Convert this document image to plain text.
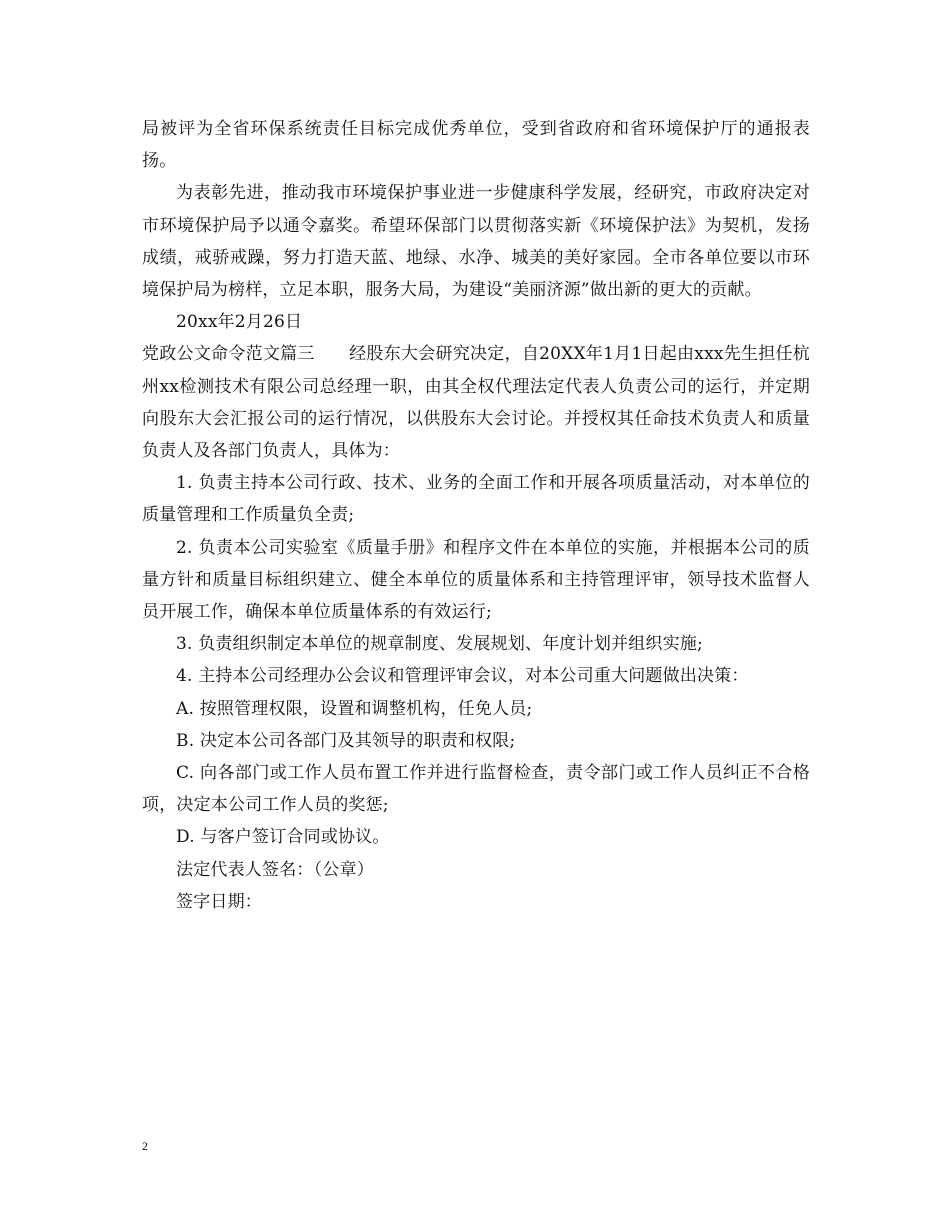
局被评为全省环保系统责任目标完成优秀单位，受到省政府和省环境保护厅的通报表扬。

为表彰先进，推动我市环境保护事业进一步健康科学发展，经研究，市政府决定对市环境保护局予以通令嘉奖。希望环保部门以贯彻落实新《环境保护法》为契机，发扬成绩，戒骄戒躁，努力打造天蓝、地绿、水净、城美的美好家园。全市各单位要以市环境保护局为榜样，立足本职，服务大局，为建设“美丽济源”做出新的更大的贡献。

20xx年2月26日

党政公文命令范文篇三　　经股东大会研究决定，自20XX年1月1日起由xxx先生担任杭州xx检测技术有限公司总经理一职，由其全权代理法定代表人负责公司的运行，并定期向股东大会汇报公司的运行情况，以供股东大会讨论。并授权其任命技术负责人和质量负责人及各部门负责人，具体为：

1. 负责主持本公司行政、技术、业务的全面工作和开展各项质量活动，对本单位的质量管理和工作质量负全责;

2. 负责本公司实验室《质量手册》和程序文件在本单位的实施，并根据本公司的质量方针和质量目标组织建立、健全本单位的质量体系和主持管理评审，领导技术监督人员开展工作，确保本单位质量体系的有效运行;

3. 负责组织制定本单位的规章制度、发展规划、年度计划并组织实施;

4. 主持本公司经理办公会议和管理评审会议，对本公司重大问题做出决策：

A. 按照管理权限，设置和调整机构，任免人员;

B. 决定本公司各部门及其领导的职责和权限;

C. 向各部门或工作人员布置工作并进行监督检查，责令部门或工作人员纠正不合格项，决定本公司工作人员的奖惩;

D. 与客户签订合同或协议。

法定代表人签名：（公章）

签字日期：

2
